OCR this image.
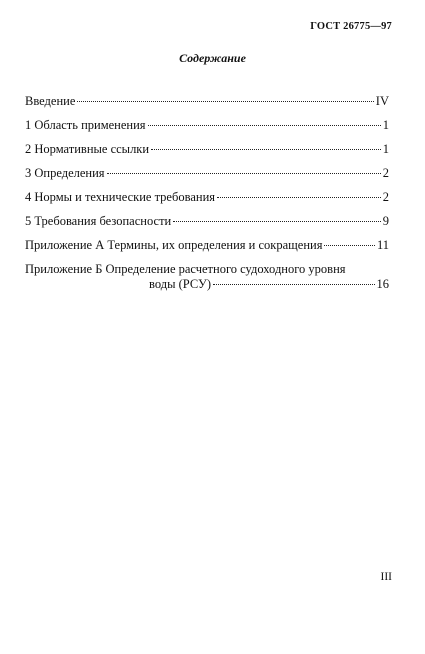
ГОСТ 26775—97
Содержание
Введение	IV
1 Область применения	1
2 Нормативные ссылки	1
3 Определения	2
4 Нормы и технические требования	2
5 Требования безопасности	9
Приложение А Термины, их определения и сокращения	11
Приложение Б Определение расчетного судоходного уровня
воды (РСУ)	16
III
